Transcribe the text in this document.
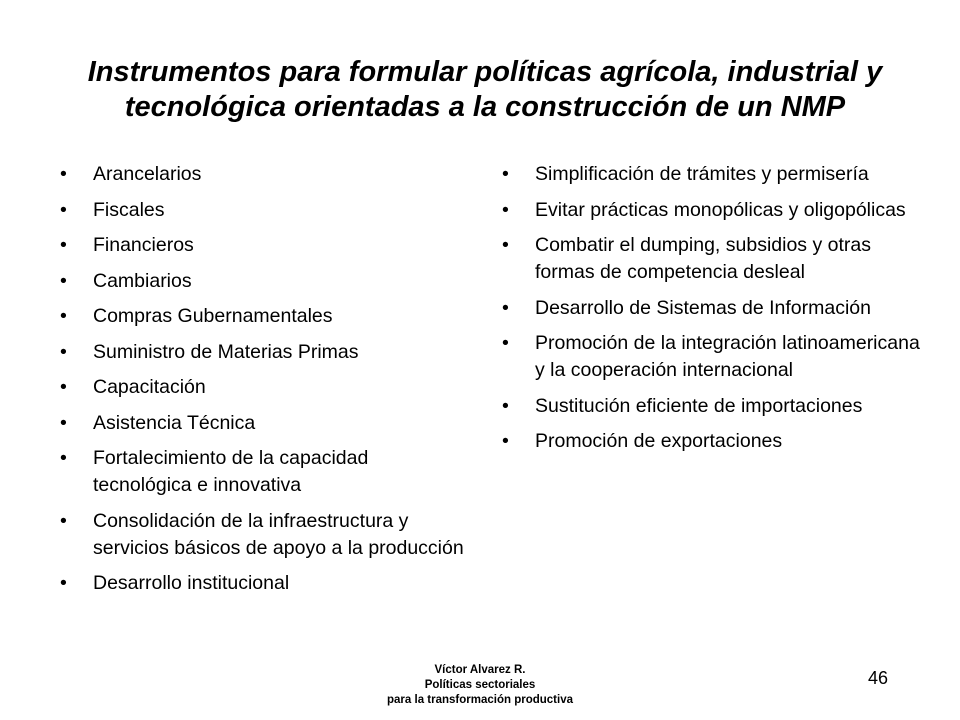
Instrumentos para formular políticas agrícola, industrial y tecnológica orientadas a la construcción de un NMP
• Arancelarios
• Fiscales
• Financieros
• Cambiarios
• Compras Gubernamentales
• Suministro de Materias Primas
• Capacitación
• Asistencia Técnica
• Fortalecimiento de la capacidad tecnológica e innovativa
• Consolidación de la infraestructura y servicios básicos de apoyo a la producción
• Desarrollo institucional
• Simplificación de trámites y permisería
• Evitar prácticas monopólicas y oligopólicas
• Combatir el dumping, subsidios y otras formas de competencia desleal
• Desarrollo de Sistemas de Información
• Promoción de la integración latinoamericana y la cooperación internacional
• Sustitución eficiente de importaciones
• Promoción de exportaciones
Víctor Alvarez R.
Políticas sectoriales
para la transformación productiva
46
